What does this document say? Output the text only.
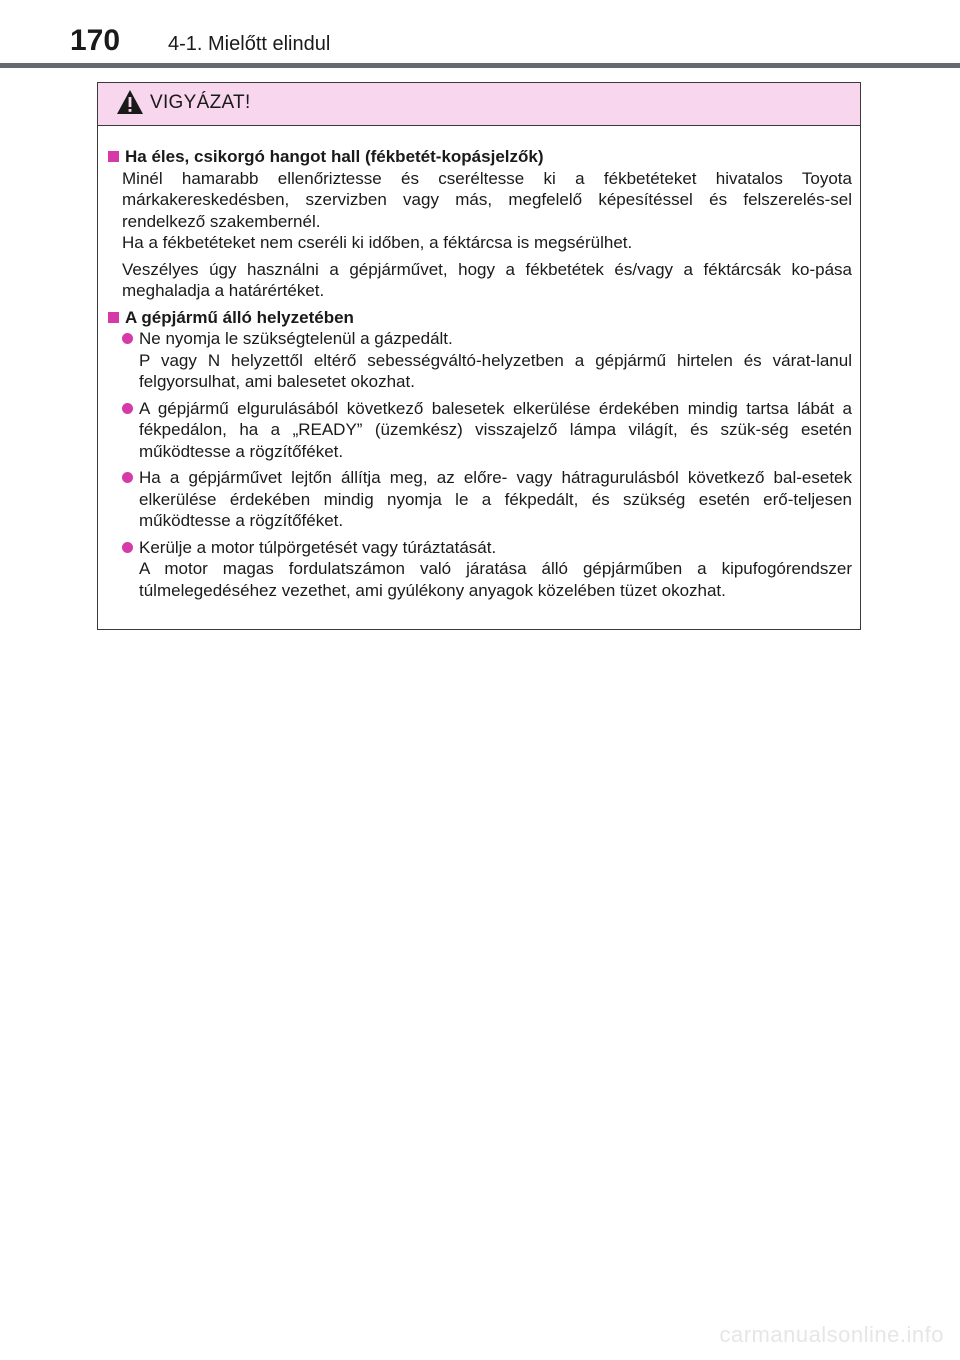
170 4-1. Mielőtt elindul
VIGYÁZAT!
Ha éles, csikorgó hangot hall (fékbetét-kopásjelzők)
Minél hamarabb ellenőriztesse és cseréltesse ki a fékbetéteket hivatalos Toyota márkakereskedésben, szervizben vagy más, megfelelő képesítéssel és felszerelés-sel rendelkező szakembernél.
Ha a fékbetéteket nem cseréli ki időben, a féktárcsa is megsérülhet.
Veszélyes úgy használni a gépjárművet, hogy a fékbetétek és/vagy a féktárcsák ko-pása meghaladja a határértéket.
A gépjármű álló helyzetében
Ne nyomja le szükségtelenül a gázpedált.
P vagy N helyzettől eltérő sebességváltó-helyzetben a gépjármű hirtelen és várat-lanul felgyorsulhat, ami balesetet okozhat.
A gépjármű elgurulásából következő balesetek elkerülése érdekében mindig tartsa lábát a fékpedálon, ha a „READY” (üzemkész) visszajelző lámpa világít, és szük-ség esetén működtesse a rögzítőféket.
Ha a gépjárművet lejtőn állítja meg, az előre- vagy hátragurulásból következő bal-esetek elkerülése érdekében mindig nyomja le a fékpedált, és szükség esetén erő-teljesen működtesse a rögzítőféket.
Kerülje a motor túlpörgetését vagy túráztatását.
A motor magas fordulatszámon való járatása álló gépjárműben a kipufogórendszer túlmelegedéséhez vezethet, ami gyúlékony anyagok közelében tüzet okozhat.
carmanualsonline.info
